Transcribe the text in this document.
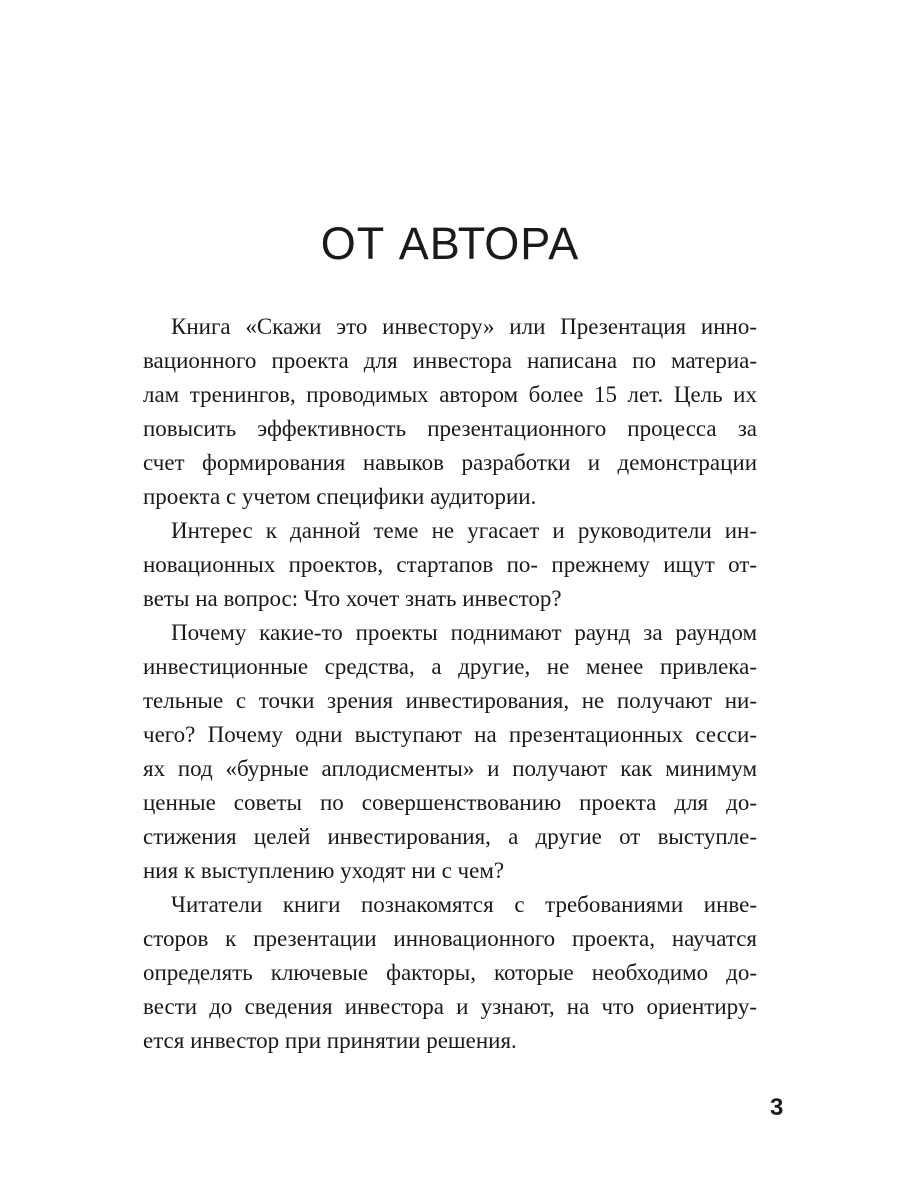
ОТ АВТОРА
Книга «Скажи это инвестору» или Презентация инно-
вационного проекта для инвестора написана по материа-
лам тренингов, проводимых автором более 15 лет. Цель их
повысить эффективность презентационного процесса за
счет формирования навыков разработки и демонстрации
проекта с учетом специфики аудитории.
Интерес к данной теме не угасает и руководители ин-
новационных проектов, стартапов по- прежнему ищут от-
веты на вопрос: Что хочет знать инвестор?
Почему какие-то проекты поднимают раунд за раундом
инвестиционные средства, а другие, не менее привлека-
тельные с точки зрения инвестирования, не получают ни-
чего? Почему одни выступают на презентационных сесси-
ях под «бурные аплодисменты» и получают как минимум
ценные советы по совершенствованию проекта для до-
стижения целей инвестирования, а другие от выступле-
ния к выступлению уходят ни с чем?
Читатели книги познакомятся с требованиями инве-
сторов к презентации инновационного проекта, научатся
определять ключевые факторы, которые необходимо до-
вести до сведения инвестора и узнают, на что ориентиру-
ется инвестор при принятии решения.
3
